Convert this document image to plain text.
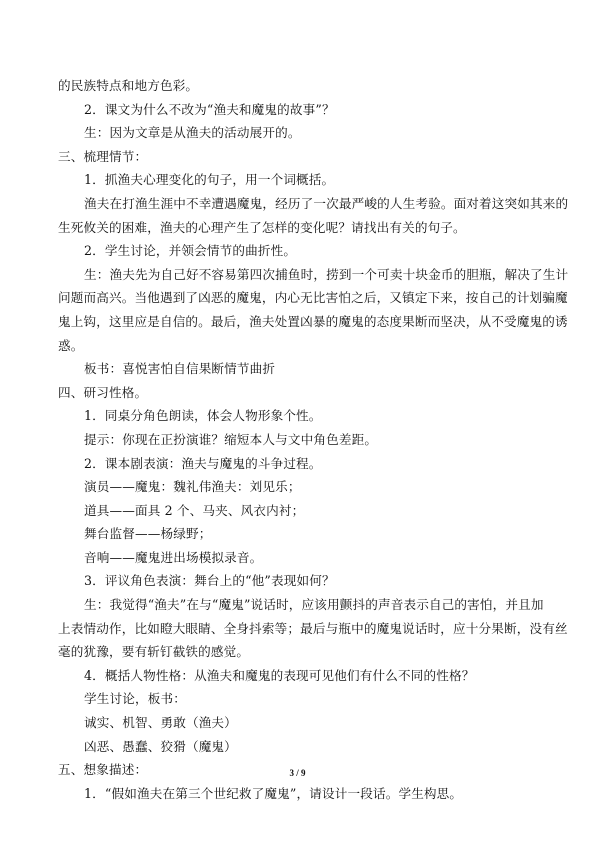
的民族特点和地方色彩。
2．课文为什么不改为“渔夫和魔鬼的故事”？
生：因为文章是从渔夫的活动展开的。
三、梳理情节：
1．抓渔夫心理变化的句子，用一个词概括。
渔夫在打渔生涯中不幸遭遇魔鬼，经历了一次最严峻的人生考验。面对着这突如其来的
生死攸关的困难，渔夫的心理产生了怎样的变化呢？请找出有关的句子。
2．学生讨论，并领会情节的曲折性。
生：渔夫先为自己好不容易第四次捕鱼时，捞到一个可卖十块金币的胆瓶，解决了生计
问题而高兴。当他遇到了凶恶的魔鬼，内心无比害怕之后，又镇定下来，按自己的计划骗魔
鬼上钩，这里应是自信的。最后，渔夫处置凶暴的魔鬼的态度果断而坚决，从不受魔鬼的诱
惑。
板书：喜悦害怕自信果断情节曲折
四、研习性格。
1．同桌分角色朗读，体会人物形象个性。
提示：你现在正扮演谁？缩短本人与文中角色差距。
2．课本剧表演：渔夫与魔鬼的斗争过程。
演员——魔鬼：魏礼伟渔夫：刘见乐；
道具——面具 2 个、马夹、风衣内衬；
舞台监督——杨绿野；
音响——魔鬼进出场模拟录音。
3．评议角色表演：舞台上的“他”表现如何？
生：我觉得“渔夫”在与“魔鬼”说话时，应该用颤抖的声音表示自己的害怕，并且加
上表情动作，比如瞪大眼睛、全身抖索等；最后与瓶中的魔鬼说话时，应十分果断，没有丝
毫的犹豫，要有斩钉截铁的感觉。
4．概括人物性格：从渔夫和魔鬼的表现可见他们有什么不同的性格？
学生讨论，板书：
诚实、机智、勇敢（渔夫）
凶恶、愚蠢、狡猾（魔鬼）
五、想象描述：
1．“假如渔夫在第三个世纪救了魔鬼”，请设计一段话。学生构思。
3 / 9
